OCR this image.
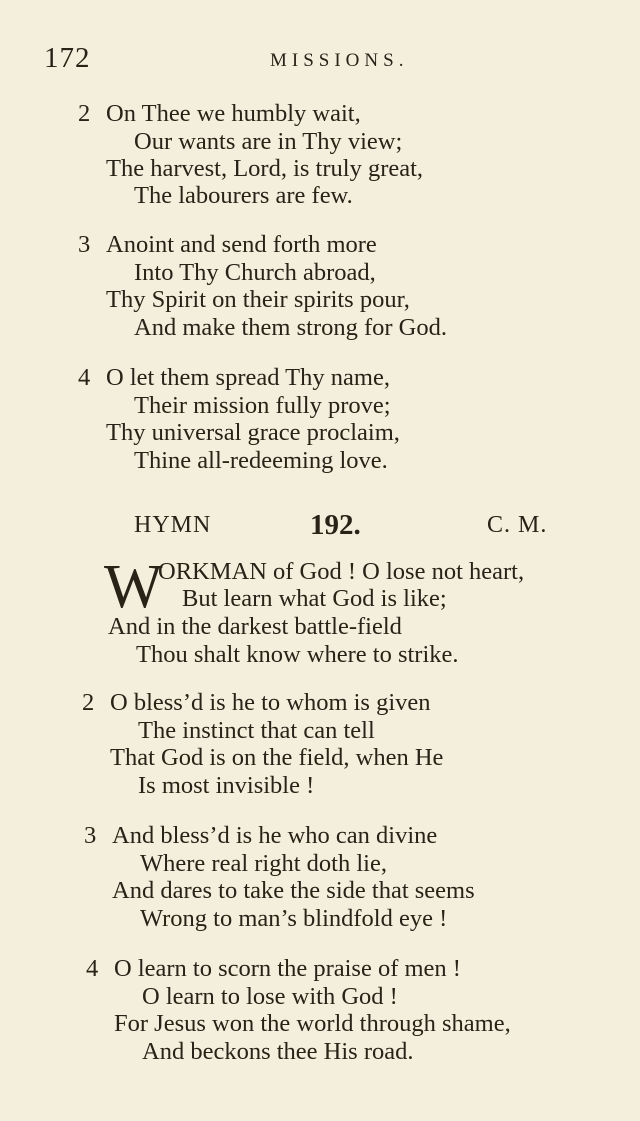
172	MISSIONS.
2 On Thee we humbly wait,
Our wants are in Thy view;
The harvest, Lord, is truly great,
The labourers are few.
3 Anoint and send forth more
Into Thy Church abroad,
Thy Spirit on their spirits pour,
And make them strong for God.
4 O let them spread Thy name,
Their mission fully prove;
Thy universal grace proclaim,
Thine all-redeeming love.
HYMN	192.	C. M.
W
ORKMAN of God ! O lose not heart,
But learn what God is like;
And in the darkest battle-field
Thou shalt know where to strike.
2 O bless’d is he to whom is given
The instinct that can tell
That God is on the field, when He
Is most invisible !
3 And bless’d is he who can divine
Where real right doth lie,
And dares to take the side that seems
Wrong to man’s blindfold eye !
4 O learn to scorn the praise of men !
O learn to lose with God !
For Jesus won the world through shame,
And beckons thee His road.
